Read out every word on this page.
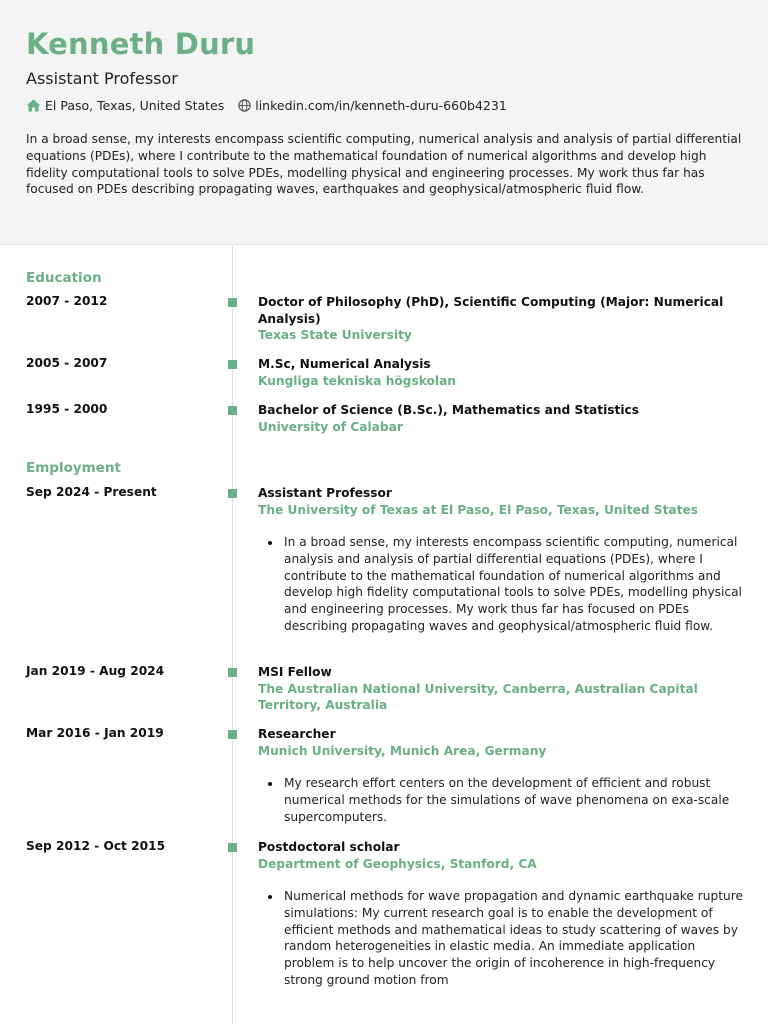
Kenneth Duru
Assistant Professor
El Paso, Texas, United States linkedin.com/in/kenneth-duru-660b4231
In a broad sense, my interests encompass scientific computing, numerical analysis and analysis of partial differential equations (PDEs), where I contribute to the mathematical foundation of numerical algorithms and develop high fidelity computational tools to solve PDEs, modelling physical and engineering processes. My work thus far has focused on PDEs describing propagating waves, earthquakes and geophysical/atmospheric fluid flow.
Education
2007 - 2012	Doctor of Philosophy (PhD), Scientific Computing (Major: Numerical Analysis)
Texas State University
2005 - 2007	M.Sc, Numerical Analysis
Kungliga tekniska högskolan
1995 - 2000	Bachelor of Science (B.Sc.), Mathematics and Statistics
University of Calabar
Employment
Sep 2024 - Present	Assistant Professor
The University of Texas at El Paso, El Paso, Texas, United States
In a broad sense, my interests encompass scientific computing, numerical analysis and analysis of partial differential equations (PDEs), where I contribute to the mathematical foundation of numerical algorithms and develop high fidelity computational tools to solve PDEs, modelling physical and engineering processes. My work thus far has focused on PDEs describing propagating waves and geophysical/atmospheric fluid flow.
Jan 2019 - Aug 2024	MSI Fellow
The Australian National University, Canberra, Australian Capital Territory, Australia
Mar 2016 - Jan 2019	Researcher
Munich University, Munich Area, Germany
My research effort centers on the development of efficient and robust numerical methods for the simulations of wave phenomena on exa-scale supercomputers.
Sep 2012 - Oct 2015	Postdoctoral scholar
Department of Geophysics, Stanford, CA
Numerical methods for wave propagation and dynamic earthquake rupture simulations: My current research goal is to enable the development of efficient methods and mathematical ideas to study scattering of waves by random heterogeneities in elastic media. An immediate application problem is to help uncover the origin of incoherence in high-frequency strong ground motion from
